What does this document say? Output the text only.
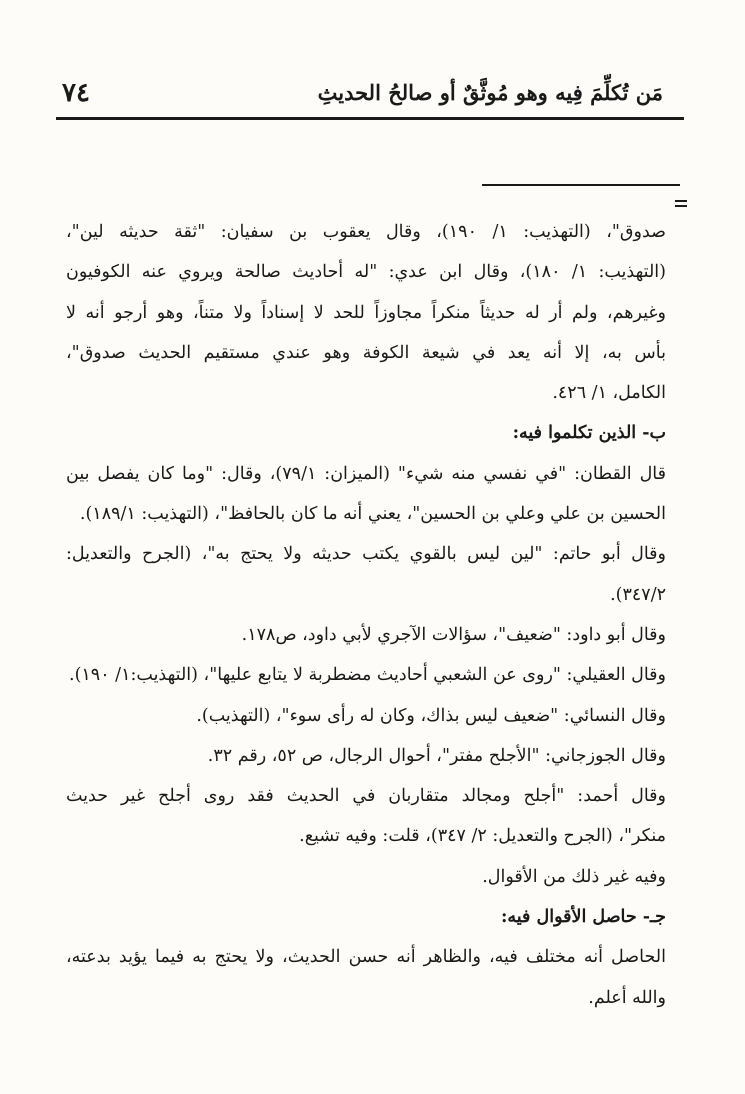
٧٤	مَن تُكلِّمَ فِيه وهو مُوثَّقٌ أو صالحُ الحديثِ
صدوق"، (التهذيب: ١/ ١٩٠)، وقال يعقوب بن سفيان: "ثقة حديثه لين"،
(التهذيب: ١/ ١٨٠)، وقال ابن عدي: "له أحاديث صالحة ويروي عنه الكوفيون
وغيرهم، ولم أر له حديثاً منكراً مجاوزاً للحد لا إسناداً ولا متناً، وهو أرجو أنه لا
بأس به، إلا أنه يعد في شيعة الكوفة وهو عندي مستقيم الحديث صدوق"،
الكامل، ١/ ٤٢٦.
ب- الذين تكلموا فيه:
قال القطان: "في نفسي منه شيء" (الميزان: ٧٩/١)، وقال: "وما كان يفصل بين
الحسين بن علي وعلي بن الحسين"، يعني أنه ما كان بالحافظ"، (التهذيب: ١٨٩/١).
وقال أبو حاتم: "لين ليس بالقوي يكتب حديثه ولا يحتج به"، (الجرح والتعديل:
٣٤٧/٢).
وقال أبو داود: "ضعيف"، سؤالات الآجري لأبي داود، ص١٧٨.
وقال العقيلي: "روى عن الشعبي أحاديث مضطربة لا يتابع عليها"، (التهذيب:١/ ١٩٠).
وقال النسائي: "ضعيف ليس بذاك، وكان له رأى سوء"، (التهذيب).
وقال الجوزجاني: "الأجلح مفتر"، أحوال الرجال، ص ٥٢، رقم ٣٢.
وقال أحمد: "أجلح ومجالد متقاربان في الحديث فقد روى أجلح غير حديث
منكر"، (الجرح والتعديل: ٢/ ٣٤٧)، قلت: وفيه تشيع.
وفيه غير ذلك من الأقوال.
جـ- حاصل الأقوال فيه:
الحاصل أنه مختلف فيه، والظاهر أنه حسن الحديث، ولا يحتج به فيما يؤيد بدعته،
والله أعلم.
